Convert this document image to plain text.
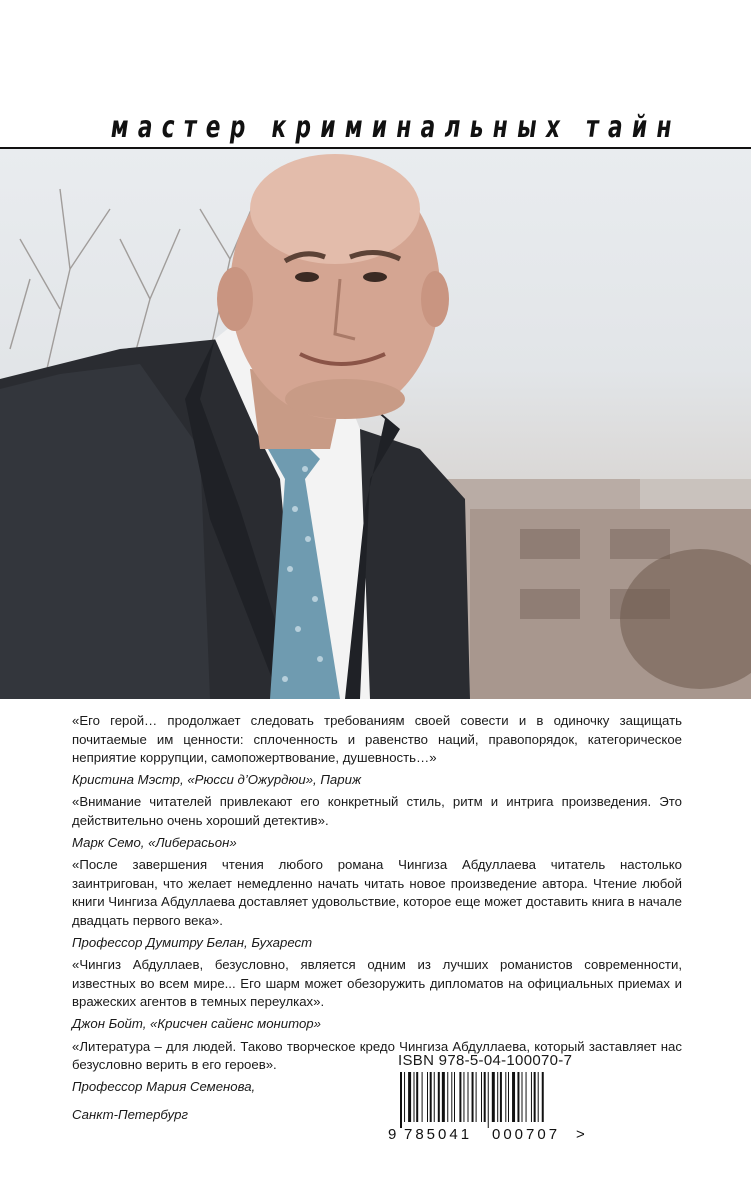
мастер криминальных тайн

«Его герой… продолжает следовать требованиям своей совести и в одиночку защищать почитаемые им ценности: сплоченность и равенство наций, правопорядок, категорическое неприятие коррупции, самопожертвование, душевность…»

Кристина Мэстр, «Рюсси д’Ожурдюи», Париж

«Внимание читателей привлекают его конкретный стиль, ритм и интрига произведения. Это действительно очень хороший детектив».

Марк Семо, «Либерасьон»

«После завершения чтения любого романа Чингиза Абдуллаева читатель настолько заинтригован, что желает немедленно начать читать новое произведение автора. Чтение любой книги Чингиза Абдуллаева доставляет удовольствие, которое еще может доставить книга в начале двадцать первого века».

Профессор Думитру Белан, Бухарест

«Чингиз Абдуллаев, безусловно, является одним из лучших романистов современности, известных во всем мире... Его шарм может обезоружить дипломатов на официальных приемах и вражеских агентов в темных переулках».

Джон Бойт, «Крисчен сайенс монитор»

«Литература – для людей. Таково творческое кредо Чингиза Абдуллаева, который заставляет нас безусловно верить в его героев».

Профессор Мария Семенова,

Санкт-Петербург

ISBN 978-5-04-100070-7
9 785041 000707 >
